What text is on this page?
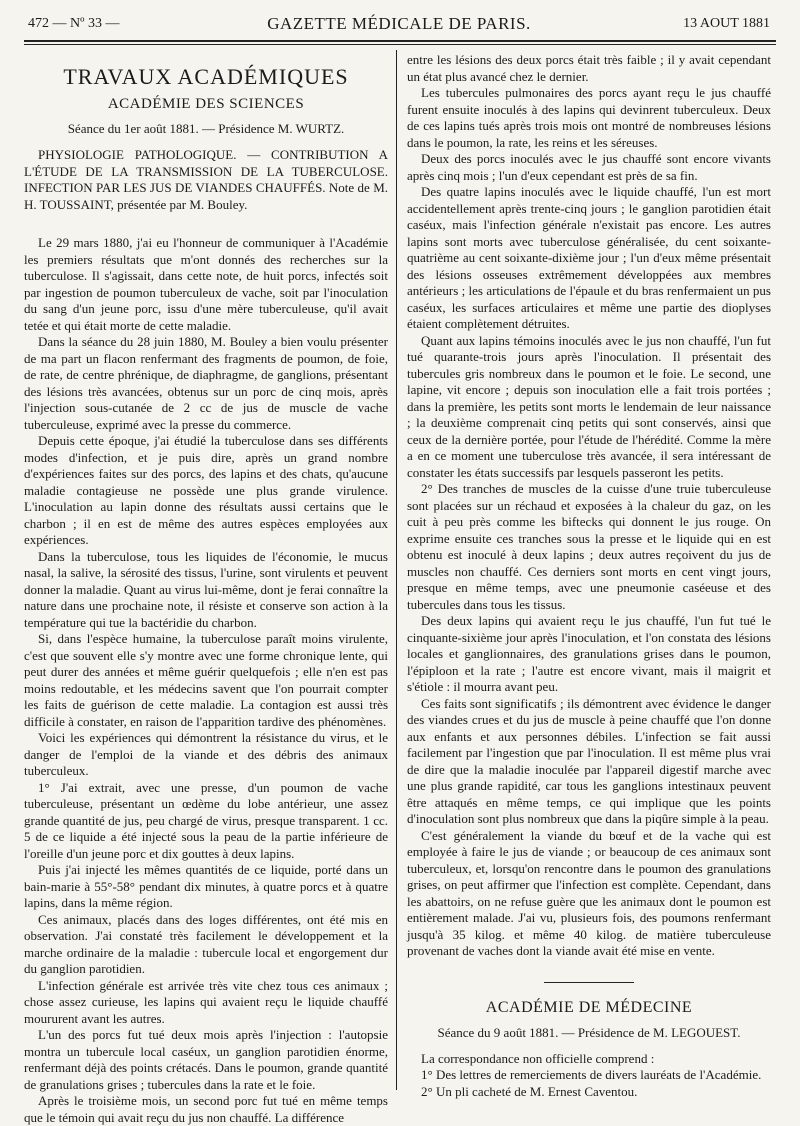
472 — Nº 33 —	GAZETTE MÉDICALE DE PARIS.	13 AOUT 1881
TRAVAUX ACADÉMIQUES
ACADÉMIE DES SCIENCES
Séance du 1er août 1881. — Présidence M. WURTZ.

PHYSIOLOGIE PATHOLOGIQUE. — CONTRIBUTION A L'ÉTUDE DE LA TRANSMISSION DE LA TUBERCULOSE. INFECTION PAR LES JUS DE VIANDES CHAUFFÉS. Note de M. H. TOUSSAINT, présentée par M. Bouley.

Le 29 mars 1880, j'ai eu l'honneur de communiquer à l'Académie les premiers résultats que m'ont donnés des recherches sur la tuberculose. Il s'agissait, dans cette note, de huit porcs, infectés soit par ingestion de poumon tuberculeux de vache, soit par l'inoculation du sang d'un jeune porc, issu d'une mère tuberculeuse, qu'il avait tetée et qui était morte de cette maladie.

Dans la séance du 28 juin 1880, M. Bouley a bien voulu présenter de ma part un flacon renfermant des fragments de poumon, de foie, de rate, de centre phrénique, de diaphragme, de ganglions, présentant des lésions très avancées, obtenus sur un porc de cinq mois, après l'injection sous-cutanée de 2 cc de jus de muscle de vache tuberculeuse, exprimé avec la presse du commerce.

Depuis cette époque, j'ai étudié la tuberculose dans ses différents modes d'infection, et je puis dire, après un grand nombre d'expériences faites sur des porcs, des lapins et des chats, qu'aucune maladie contagieuse ne possède une plus grande virulence. L'inoculation au lapin donne des résultats aussi certains que le charbon ; il en est de même des autres espèces employées aux expériences.

Dans la tuberculose, tous les liquides de l'économie, le mucus nasal, la salive, la sérosité des tissus, l'urine, sont virulents et peuvent donner la maladie. Quant au virus lui-même, dont je ferai connaître la nature dans une prochaine note, il résiste et conserve son action à la température qui tue la bactéridie du charbon.

Si, dans l'espèce humaine, la tuberculose paraît moins virulente, c'est que souvent elle s'y montre avec une forme chronique lente, qui peut durer des années et même guérir quelquefois ; elle n'en est pas moins redoutable, et les médecins savent que l'on pourrait compter les faits de guérison de cette maladie. La contagion est aussi très difficile à constater, en raison de l'apparition tardive des phénomènes.

Voici les expériences qui démontrent la résistance du virus, et le danger de l'emploi de la viande et des débris des animaux tuberculeux.

1° J'ai extrait, avec une presse, d'un poumon de vache tuberculeuse, présentant un œdème du lobe antérieur, une assez grande quantité de jus, peu chargé de virus, presque transparent. 1 cc. 5 de ce liquide a été injecté sous la peau de la partie inférieure de l'oreille d'un jeune porc et dix gouttes à deux lapins.

Puis j'ai injecté les mêmes quantités de ce liquide, porté dans un bain-marie à 55°-58° pendant dix minutes, à quatre porcs et à quatre lapins, dans la même région.

Ces animaux, placés dans des loges différentes, ont été mis en observation. J'ai constaté très facilement le développement et la marche ordinaire de la maladie : tubercule local et engorgement dur du ganglion parotidien.

L'infection générale est arrivée très vite chez tous ces animaux ; chose assez curieuse, les lapins qui avaient reçu le liquide chauffé moururent avant les autres.

L'un des porcs fut tué deux mois après l'injection : l'autopsie montra un tubercule local caséux, un ganglion parotidien énorme, renfermant déjà des points crétacés. Dans le poumon, grande quantité de granulations grises ; tubercules dans la rate et le foie.

Après le troisième mois, un second porc fut tué en même temps que le témoin qui avait reçu du jus non chauffé. La différence

entre les lésions des deux porcs était très faible ; il y avait cependant un état plus avancé chez le dernier.

Les tubercules pulmonaires des porcs ayant reçu le jus chauffé furent ensuite inoculés à des lapins qui devinrent tuberculeux. Deux de ces lapins tués après trois mois ont montré de nombreuses lésions dans le poumon, la rate, les reins et les séreuses.

Deux des porcs inoculés avec le jus chauffé sont encore vivants après cinq mois ; l'un d'eux cependant est près de sa fin.

Des quatre lapins inoculés avec le liquide chauffé, l'un est mort accidentellement après trente-cinq jours ; le ganglion parotidien était caséux, mais l'infection générale n'existait pas encore. Les autres lapins sont morts avec tuberculose généralisée, du cent soixante-quatrième au cent soixante-dixième jour ; l'un d'eux même présentait des lésions osseuses extrêmement développées aux membres antérieurs ; les articulations de l'épaule et du bras renfermaient un pus caséux, les surfaces articulaires et même une partie des dioplyses étaient complètement détruites.

Quant aux lapins témoins inoculés avec le jus non chauffé, l'un fut tué quarante-trois jours après l'inoculation. Il présentait des tubercules gris nombreux dans le poumon et le foie. Le second, une lapine, vit encore ; depuis son inoculation elle a fait trois portées ; dans la première, les petits sont morts le lendemain de leur naissance ; la deuxième comprenait cinq petits qui sont conservés, ainsi que ceux de la dernière portée, pour l'étude de l'hérédité. Comme la mère a en ce moment une tuberculose très avancée, il sera intéressant de constater les états successifs par lesquels passeront les petits.

2° Des tranches de muscles de la cuisse d'une truie tuberculeuse sont placées sur un réchaud et exposées à la chaleur du gaz, on les cuit à peu près comme les biftecks qui donnent le jus rouge. On exprime ensuite ces tranches sous la presse et le liquide qui en est obtenu est inoculé à deux lapins ; deux autres reçoivent du jus de muscles non chauffé. Ces derniers sont morts en cent vingt jours, presque en même temps, avec une pneumonie caséeuse et des tubercules dans tous les tissus.

Des deux lapins qui avaient reçu le jus chauffé, l'un fut tué le cinquante-sixième jour après l'inoculation, et l'on constata des lésions locales et ganglionnaires, des granulations grises dans le poumon, l'épiploon et la rate ; l'autre est encore vivant, mais il maigrit et s'étiole : il mourra avant peu.

Ces faits sont significatifs ; ils démontrent avec évidence le danger des viandes crues et du jus de muscle à peine chauffé que l'on donne aux enfants et aux personnes débiles. L'infection se fait aussi facilement par l'ingestion que par l'inoculation. Il est même plus vrai de dire que la maladie inoculée par l'appareil digestif marche avec une plus grande rapidité, car tous les ganglions intestinaux peuvent être attaqués en même temps, ce qui implique que les points d'inoculation sont plus nombreux que dans la piqûre simple à la peau.

C'est généralement la viande du bœuf et de la vache qui est employée à faire le jus de viande ; or beaucoup de ces animaux sont tuberculeux, et, lorsqu'on rencontre dans le poumon des granulations grises, on peut affirmer que l'infection est complète. Cependant, dans les abattoirs, on ne refuse guère que les animaux dont le poumon est entièrement malade. J'ai vu, plusieurs fois, des poumons renfermant jusqu'à 35 kilog. et même 40 kilog. de matière tuberculeuse provenant de vaches dont la viande avait été mise en vente.

ACADÉMIE DE MÉDECINE
Séance du 9 août 1881. — Présidence de M. LEGOUEST.

La correspondance non officielle comprend :

1° Des lettres de remerciements de divers lauréats de l'Académie.

2° Un pli cacheté de M. Ernest Caventou.
